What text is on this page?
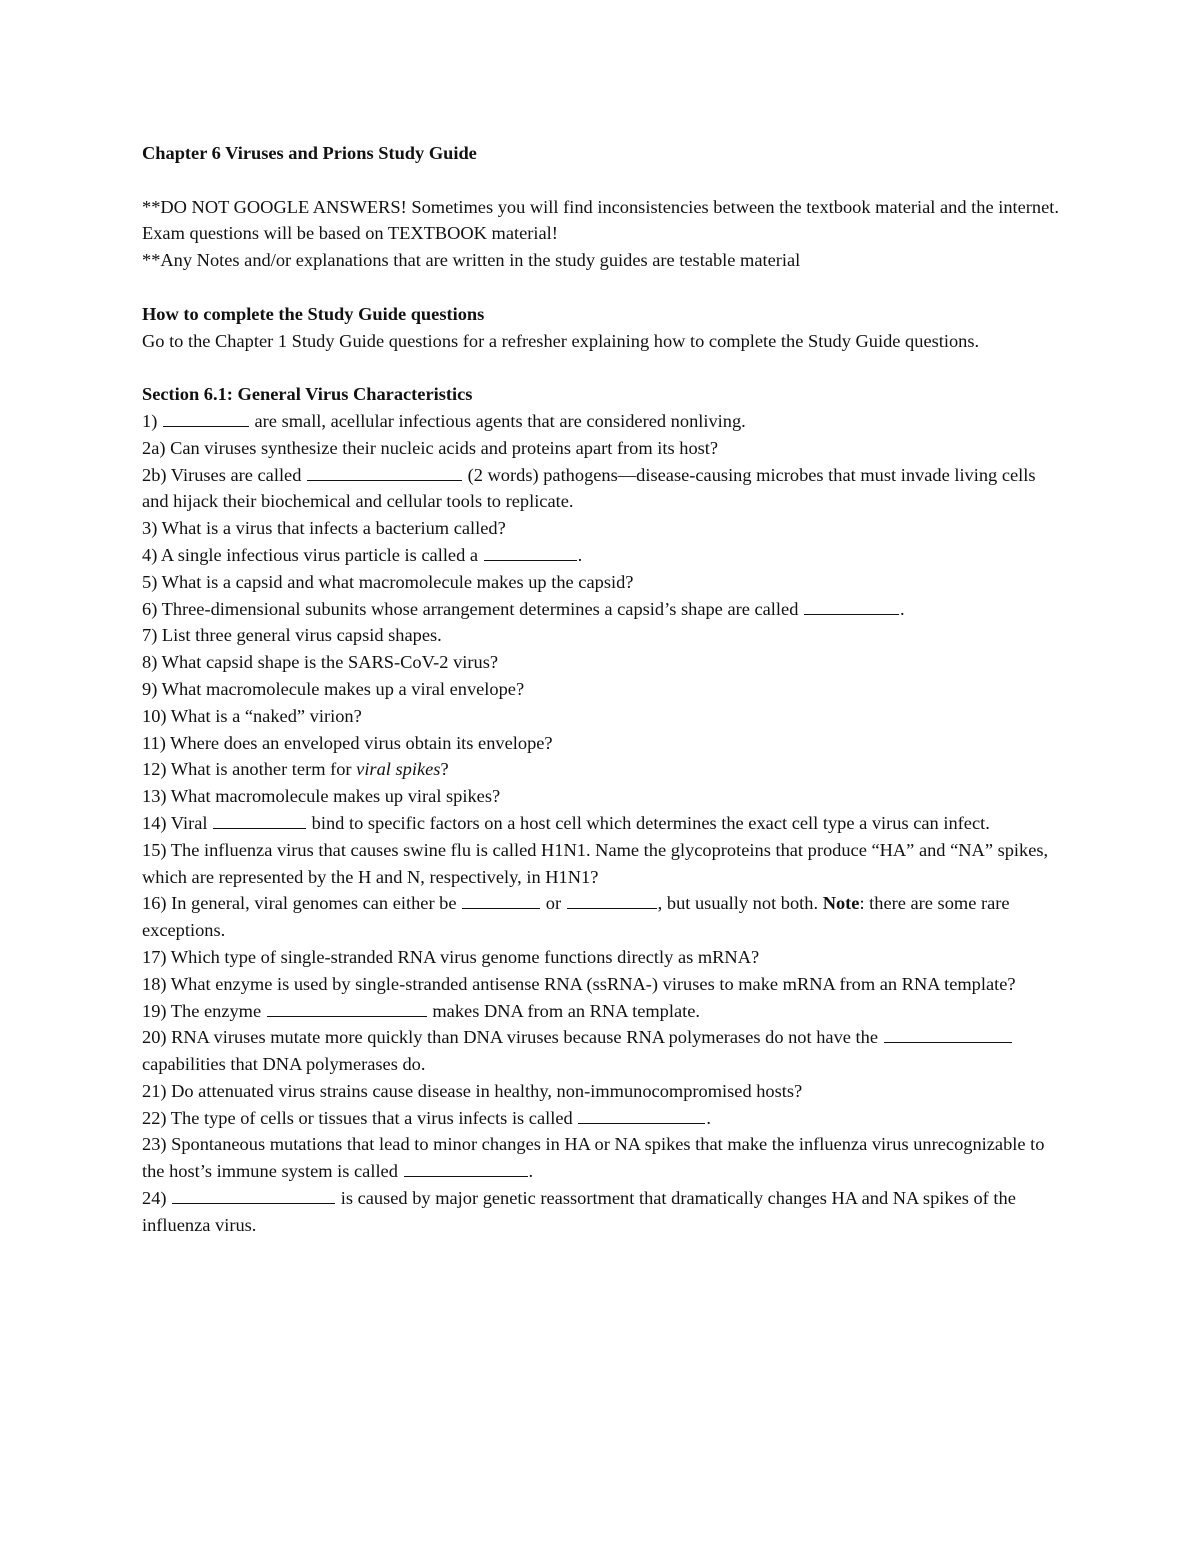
Chapter 6 Viruses and Prions Study Guide

**DO NOT GOOGLE ANSWERS! Sometimes you will find inconsistencies between the textbook material and the internet. Exam questions will be based on TEXTBOOK material!

**Any Notes and/or explanations that are written in the study guides are testable material

How to complete the Study Guide questions

Go to the Chapter 1 Study Guide questions for a refresher explaining how to complete the Study Guide questions.

Section 6.1: General Virus Characteristics

1)	are small, acellular infectious agents that are considered nonliving.

2a) Can viruses synthesize their nucleic acids and proteins apart from its host?

2b) Viruses are called	(2 words) pathogens—disease-causing microbes that must invade living cells and hijack their biochemical and cellular tools to replicate.

3) What is a virus that infects a bacterium called?

4) A single infectious virus particle is called a	.

5) What is a capsid and what macromolecule makes up the capsid?

6) Three-dimensional subunits whose arrangement determines a capsid’s shape are called	.

7) List three general virus capsid shapes.

8) What capsid shape is the SARS-CoV-2 virus?

9) What macromolecule makes up a viral envelope?

10) What is a “naked” virion?

11) Where does an enveloped virus obtain its envelope?

12) What is another term for viral spikes?

13) What macromolecule makes up viral spikes?

14) Viral	bind to specific factors on a host cell which determines the exact cell type a virus can infect.

15) The influenza virus that causes swine flu is called H1N1. Name the glycoproteins that produce “HA” and “NA” spikes, which are represented by the H and N, respectively, in H1N1?

16) In general, viral genomes can either be	or	, but usually not both. Note: there are some rare exceptions.

17) Which type of single-stranded RNA virus genome functions directly as mRNA?

18) What enzyme is used by single-stranded antisense RNA (ssRNA-) viruses to make mRNA from an RNA template?

19) The enzyme	makes DNA from an RNA template.

20) RNA viruses mutate more quickly than DNA viruses because RNA polymerases do not have the	capabilities that DNA polymerases do.

21) Do attenuated virus strains cause disease in healthy, non-immunocompromised hosts?

22) The type of cells or tissues that a virus infects is called	.

23) Spontaneous mutations that lead to minor changes in HA or NA spikes that make the influenza virus unrecognizable to the host’s immune system is called	.

24)	is caused by major genetic reassortment that dramatically changes HA and NA spikes of the influenza virus.
